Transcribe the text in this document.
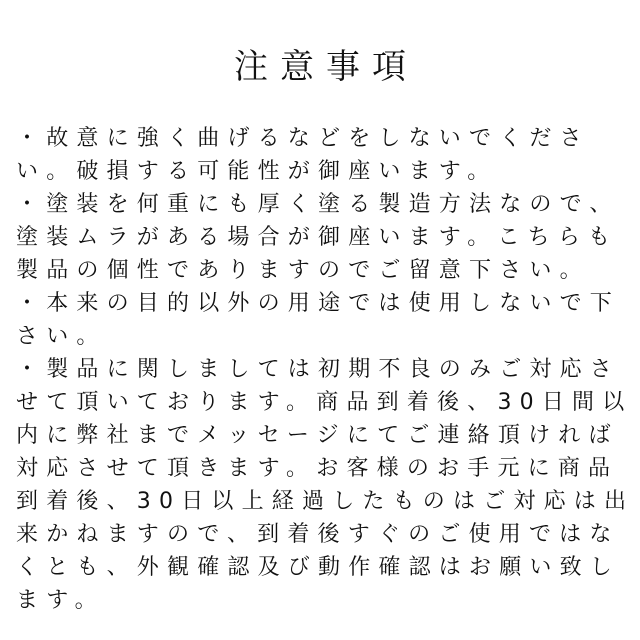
注意事項
・故意に強く曲げるなどをしないでくださ
い。破損する可能性が御座います。
・塗装を何重にも厚く塗る製造方法なので、
塗装ムラがある場合が御座います。こちらも
製品の個性でありますのでご留意下さい。
・本来の目的以外の用途では使用しないで下
さい。
・製品に関しましては初期不良のみご対応さ
せて頂いております。商品到着後、30日間以
内に弊社までメッセージにてご連絡頂ければ
対応させて頂きます。お客様のお手元に商品
到着後、30日以上経過したものはご対応は出
来かねますので、到着後すぐのご使用ではな
くとも、外観確認及び動作確認はお願い致し
ます。
